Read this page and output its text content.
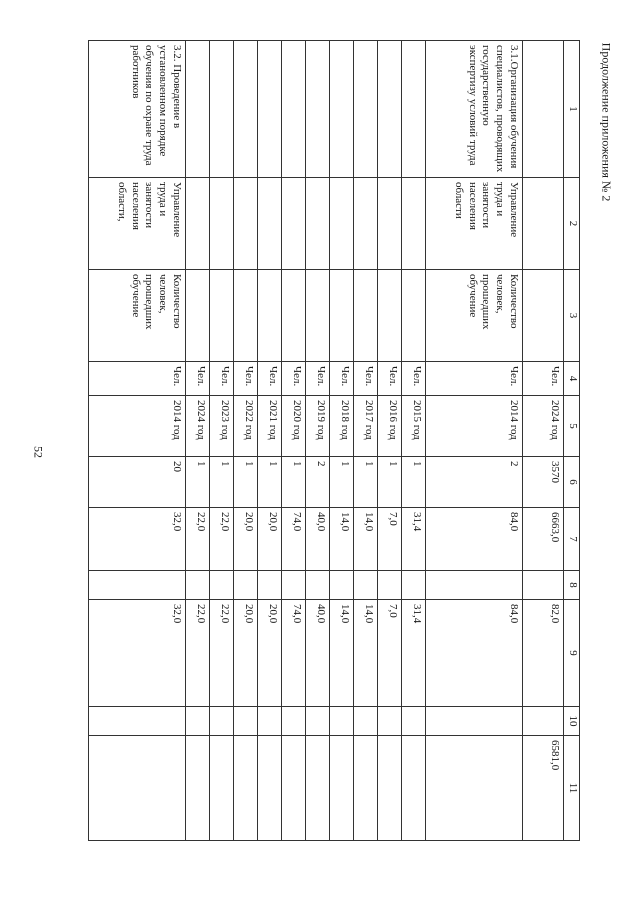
52
Продолжение приложения № 2
1	2	3	4	5	6	7	8	9	10	11
			Чел.	2024 год	3570	6663,0		82,0		6581,0
3.1.Организация обучения специалистов, проводящих государственную экспертизу условий труда	Управление труда и занятости населения области	Количество человек, прошедших обучение	Чел.	2014 год	2	84,0		84,0		
			Чел.	2015 год	1	31,4		31,4		
			Чел.	2016 год	1	7,0		7,0		
			Чел.	2017 год	1	14,0		14,0		
			Чел.	2018 год	1	14,0		14,0		
			Чел.	2019 год	2	40,0		40,0		
			Чел.	2020 год	1	74,0		74,0		
			Чел.	2021 год	1	20,0		20,0		
			Чел.	2022 год	1	20,0		20,0		
			Чел.	2023 год	1	22,0		22,0		
			Чел.	2024 год	1	22,0		22,0		
3.2. Проведение в установленном порядке обучения по охране труда работников	Управление труда и занятости населения области,	Количество человек, прошедших обучение	Чел.	2014 год	20	32,0		32,0		
